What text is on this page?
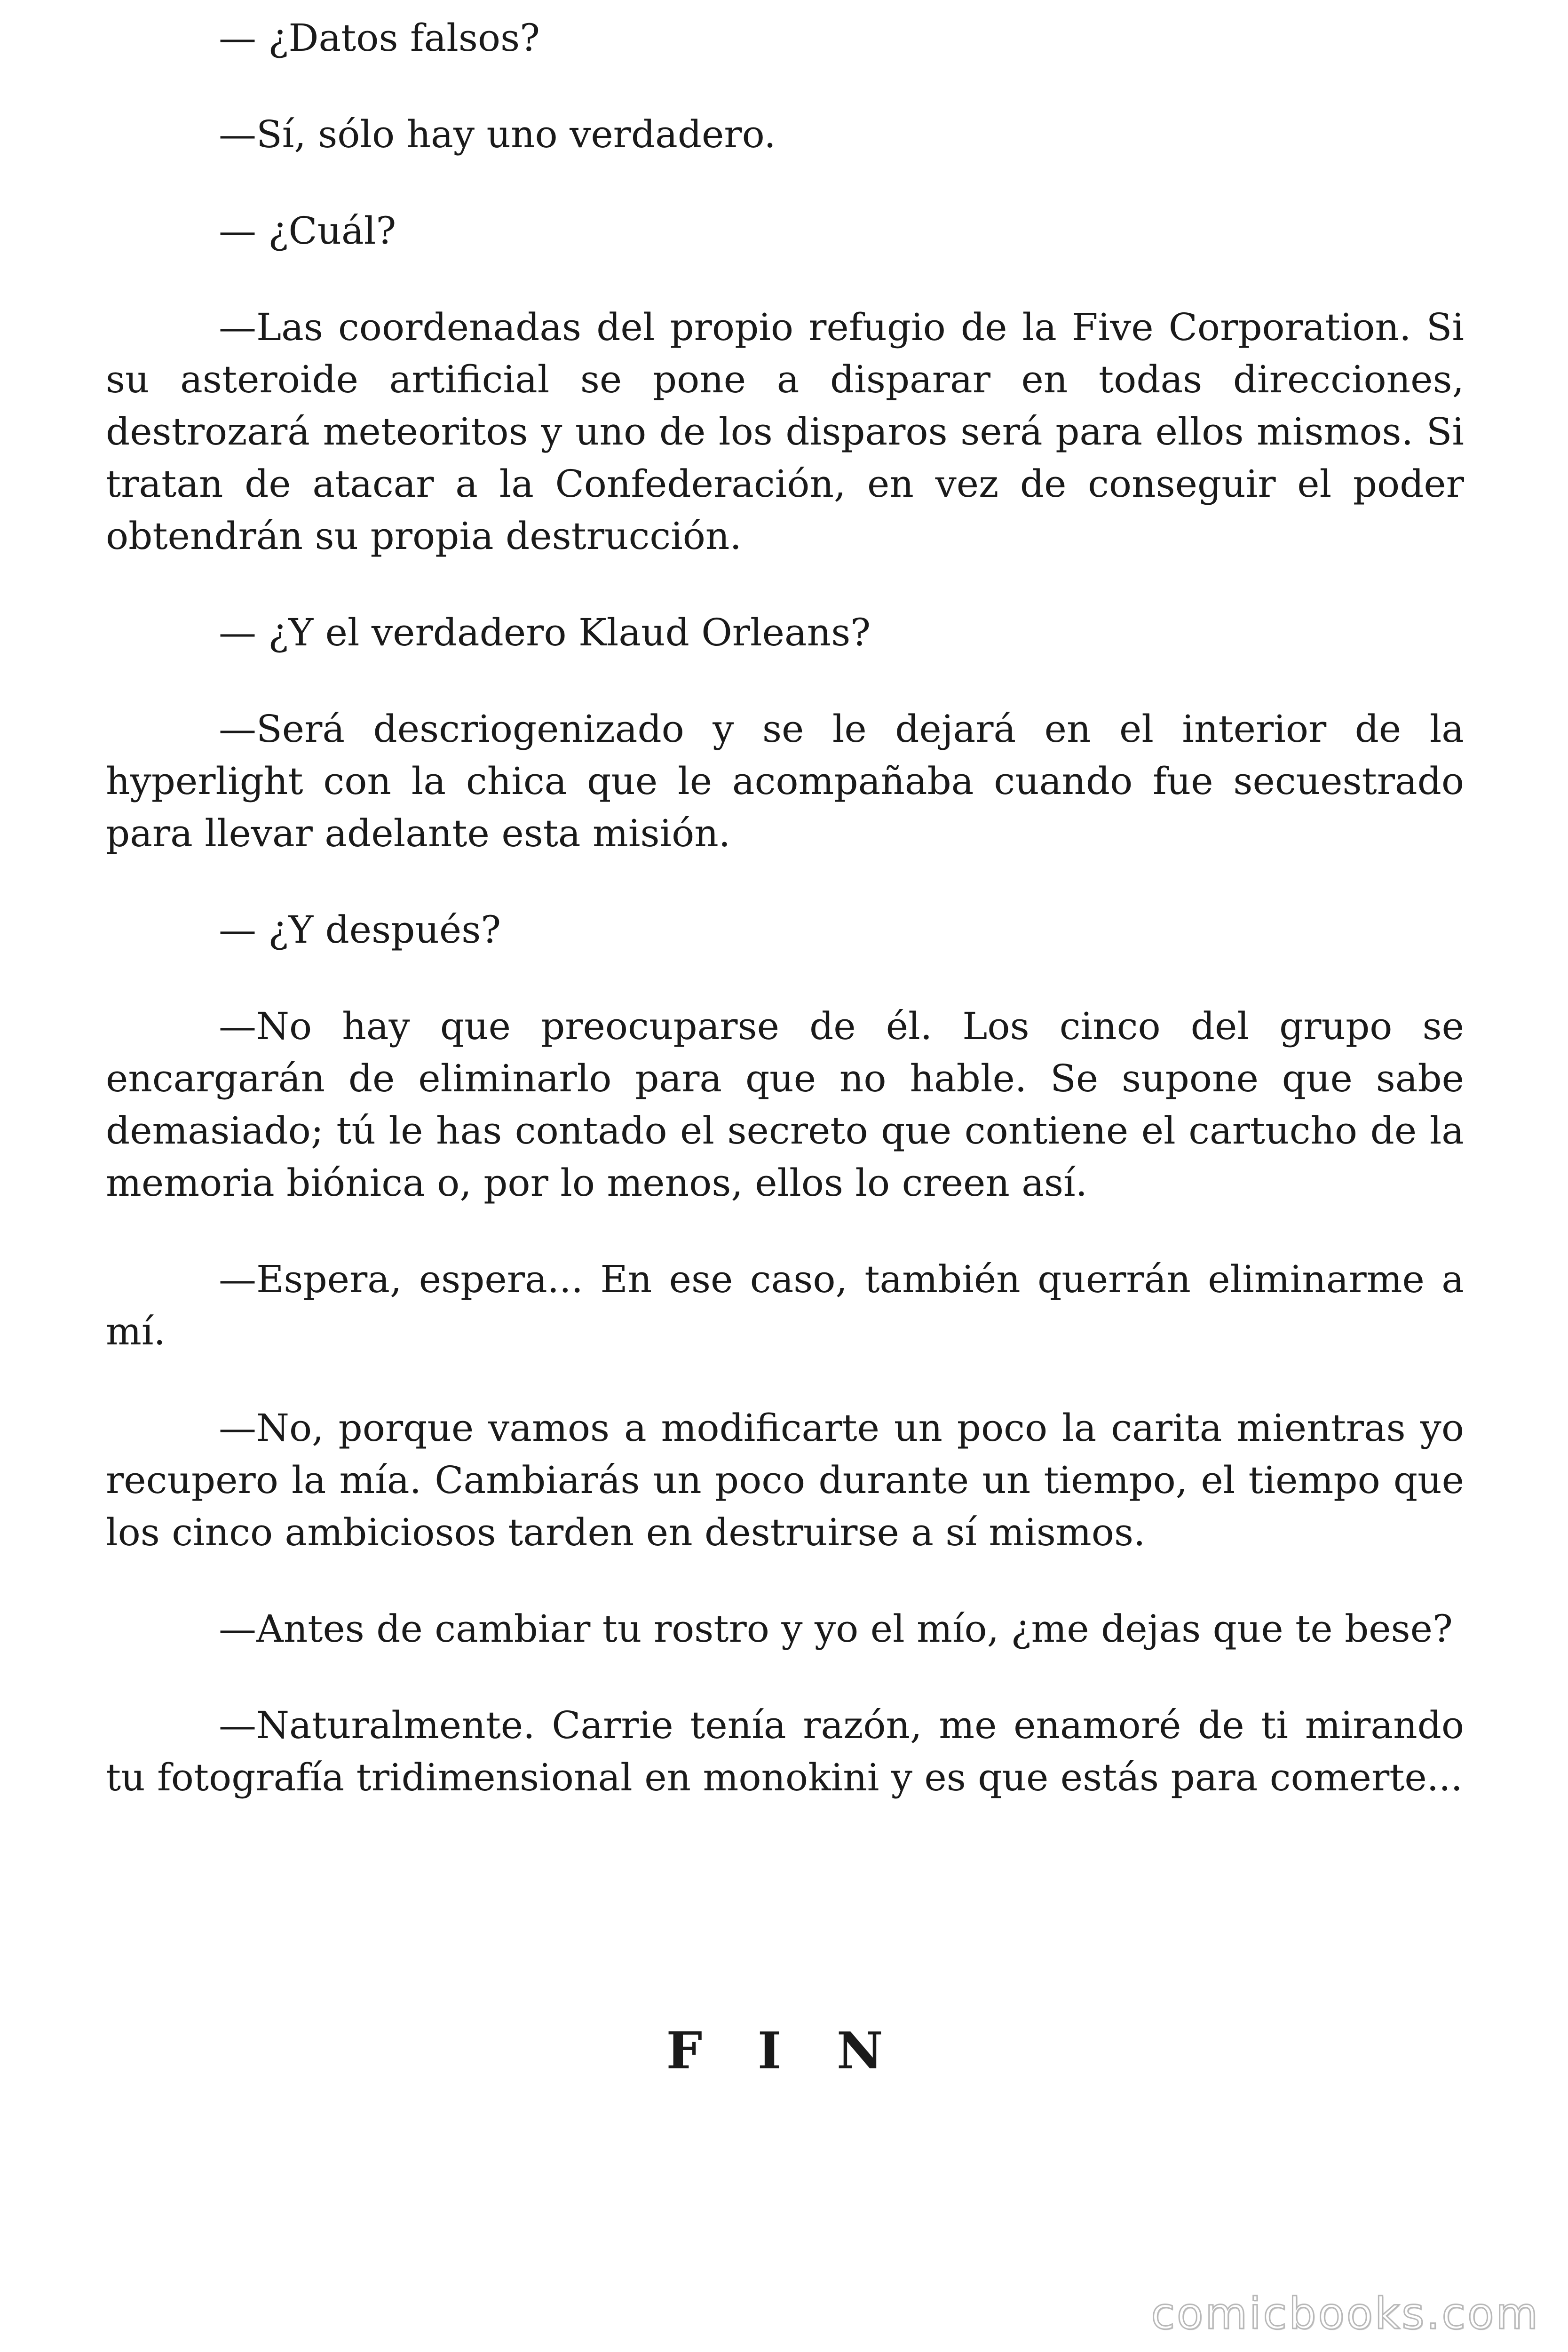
— ¿Datos falsos?

—Sí, sólo hay uno verdadero.

— ¿Cuál?

—Las coordenadas del propio refugio de la Five Corporation. Si su asteroide artificial se pone a disparar en todas direcciones, destrozará meteoritos y uno de los disparos será para ellos mismos. Si tratan de atacar a la Confederación, en vez de conseguir el poder obtendrán su propia destrucción.

— ¿Y el verdadero Klaud Orleans?

—Será descriogenizado y se le dejará en el interior de la hyperlight con la chica que le acompañaba cuando fue secuestrado para llevar adelante esta misión.

— ¿Y después?

—No hay que preocuparse de él. Los cinco del grupo se encargarán de eliminarlo para que no hable. Se supone que sabe demasiado; tú le has contado el secreto que contiene el cartucho de la memoria biónica o, por lo menos, ellos lo creen así.

—Espera, espera... En ese caso, también querrán eliminarme a mí.

—No, porque vamos a modificarte un poco la carita mientras yo recupero la mía. Cambiarás un poco durante un tiempo, el tiempo que los cinco ambiciosos tarden en destruirse a sí mismos.

—Antes de cambiar tu rostro y yo el mío, ¿me dejas que te bese?

—Naturalmente. Carrie tenía razón, me enamoré de ti mirando tu fotografía tridimensional en monokini y es que estás para comerte...

F I N
comicbooks.com
